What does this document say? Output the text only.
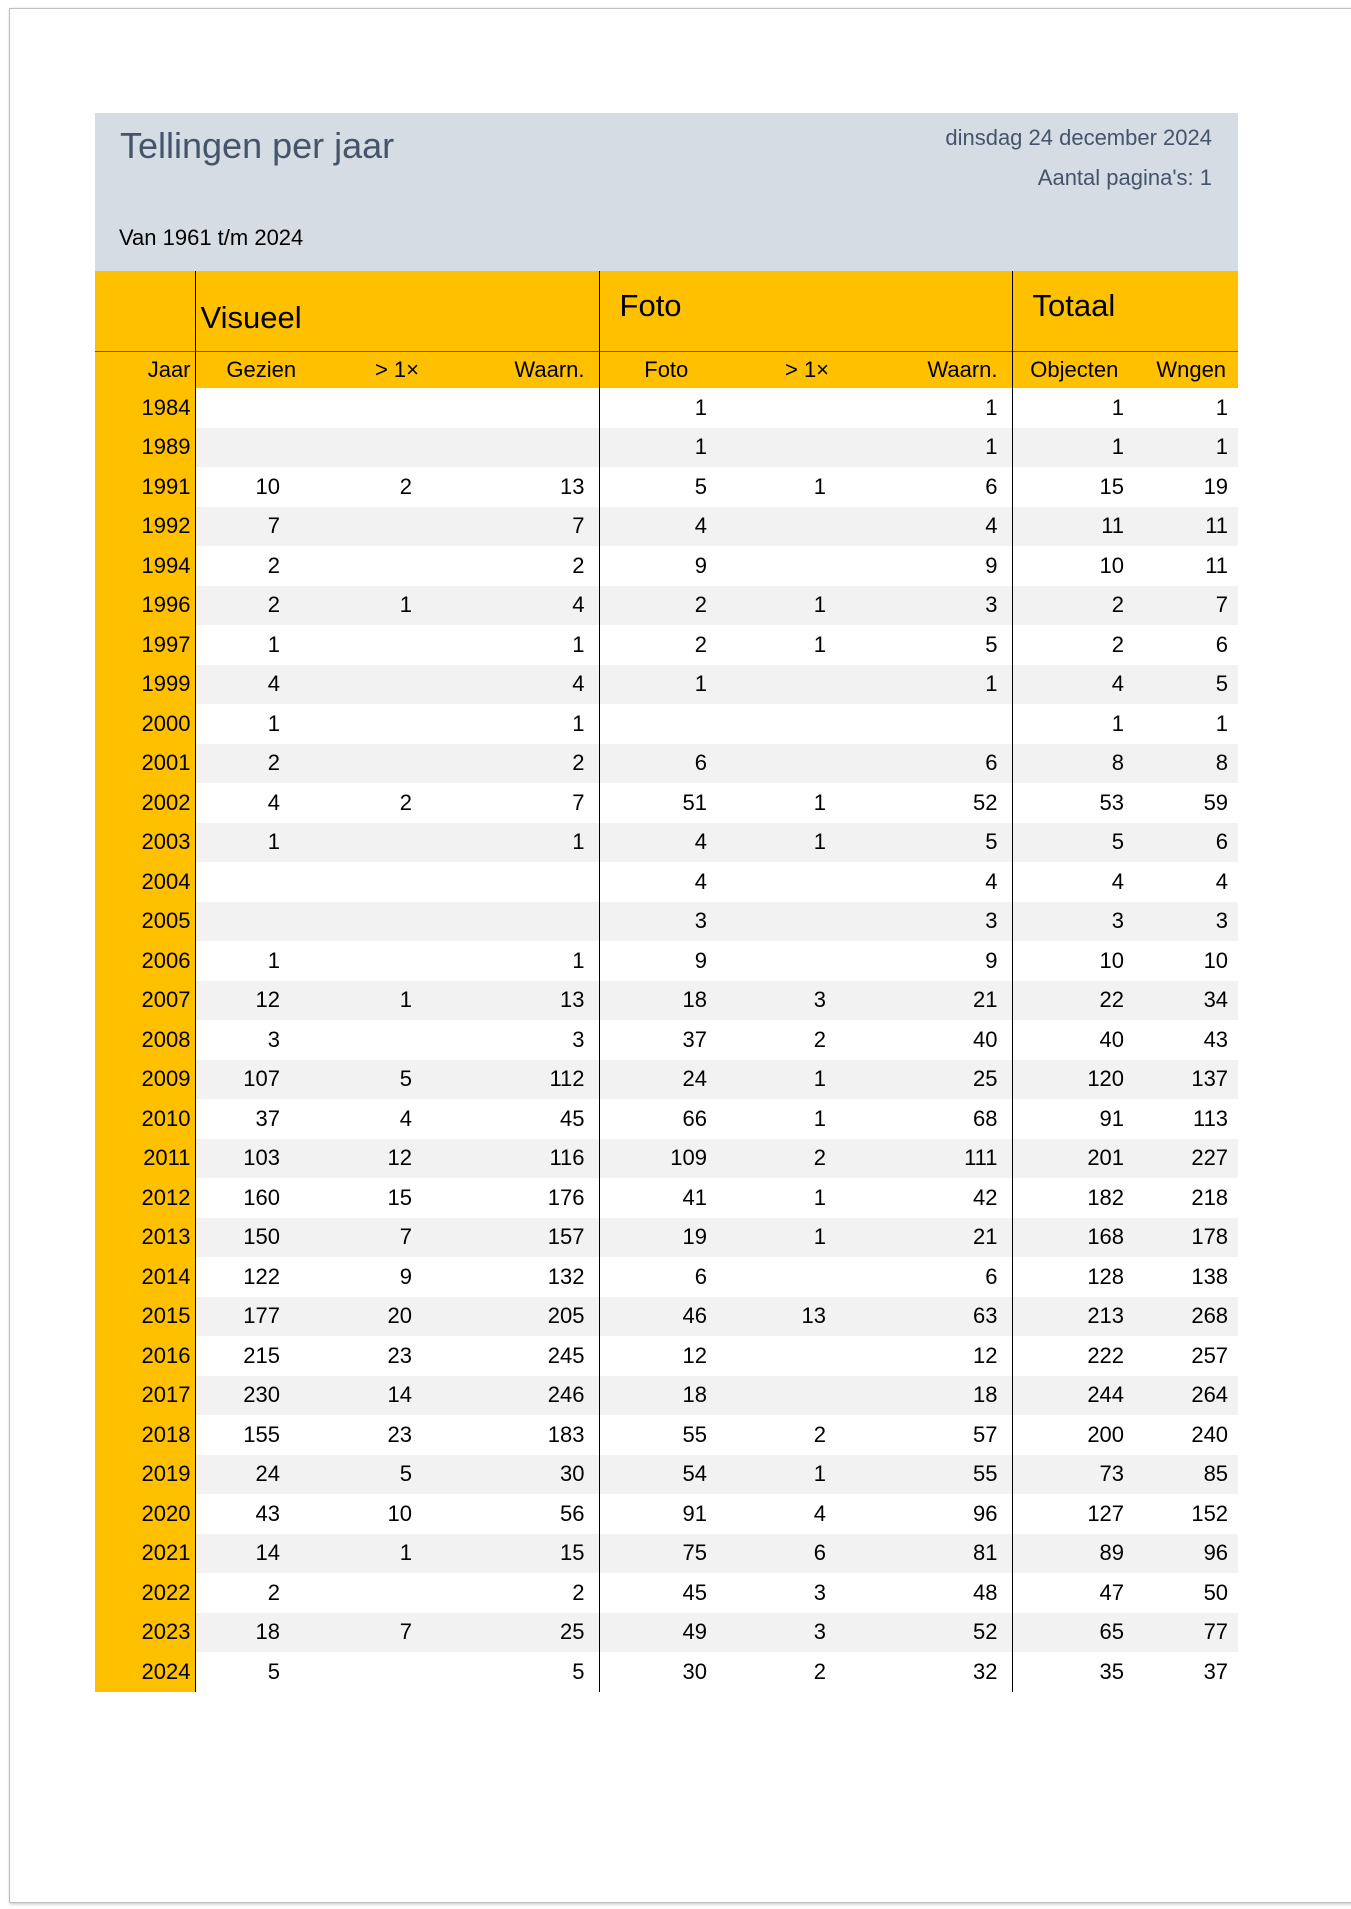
Tellingen per jaar	dinsdag 24 december 2024
Aantal pagina's: 1
Van 1961 t/m 2024
	Visueel			Foto			Totaal	
Jaar	Gezien	> 1×	Waarn.	Foto	> 1×	Waarn.	Objecten	Wngen
1984				1		1	1	1
1989				1		1	1	1
1991	10	2	13	5	1	6	15	19
1992	7		7	4		4	11	11
1994	2		2	9		9	10	11
1996	2	1	4	2	1	3	2	7
1997	1		1	2	1	5	2	6
1999	4		4	1		1	4	5
2000	1		1				1	1
2001	2		2	6		6	8	8
2002	4	2	7	51	1	52	53	59
2003	1		1	4	1	5	5	6
2004				4		4	4	4
2005				3		3	3	3
2006	1		1	9		9	10	10
2007	12	1	13	18	3	21	22	34
2008	3		3	37	2	40	40	43
2009	107	5	112	24	1	25	120	137
2010	37	4	45	66	1	68	91	113
2011	103	12	116	109	2	111	201	227
2012	160	15	176	41	1	42	182	218
2013	150	7	157	19	1	21	168	178
2014	122	9	132	6		6	128	138
2015	177	20	205	46	13	63	213	268
2016	215	23	245	12		12	222	257
2017	230	14	246	18		18	244	264
2018	155	23	183	55	2	57	200	240
2019	24	5	30	54	1	55	73	85
2020	43	10	56	91	4	96	127	152
2021	14	1	15	75	6	81	89	96
2022	2		2	45	3	48	47	50
2023	18	7	25	49	3	52	65	77
2024	5		5	30	2	32	35	37
